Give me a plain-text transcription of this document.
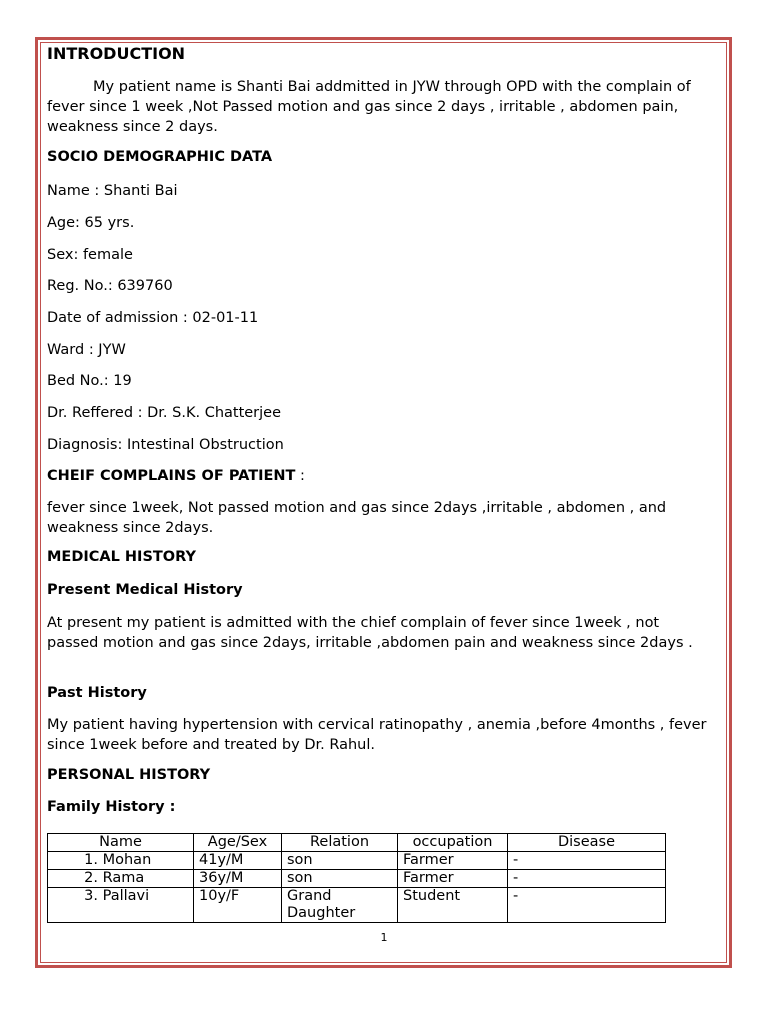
INTRODUCTION
My patient name is Shanti Bai addmitted in JYW through OPD with the complain of fever since 1 week ,Not Passed motion and gas since 2 days , irritable , abdomen pain, weakness since 2 days.
SOCIO DEMOGRAPHIC DATA
Name : Shanti Bai
Age: 65 yrs.
Sex: female
Reg. No.: 639760
Date of admission : 02-01-11
Ward : JYW
Bed No.: 19
Dr. Reffered : Dr. S.K. Chatterjee
Diagnosis: Intestinal Obstruction
CHEIF COMPLAINS OF PATIENT :
fever since 1week, Not passed motion and gas since 2days ,irritable , abdomen , and weakness since 2days.
MEDICAL HISTORY
Present Medical History
At present my patient is admitted with the chief complain of fever since 1week , not passed motion and gas since 2days, irritable ,abdomen pain and weakness since 2days .
Past History
My patient having hypertension with cervical ratinopathy , anemia ,before 4months , fever since 1week before and treated by Dr. Rahul.
PERSONAL HISTORY
Family History :
Name	Age/Sex	Relation	occupation	Disease
1. Mohan	41y/M	son	Farmer	-
2. Rama	36y/M	son	Farmer	-
3. Pallavi	10y/F	Grand Daughter	Student	-
1
